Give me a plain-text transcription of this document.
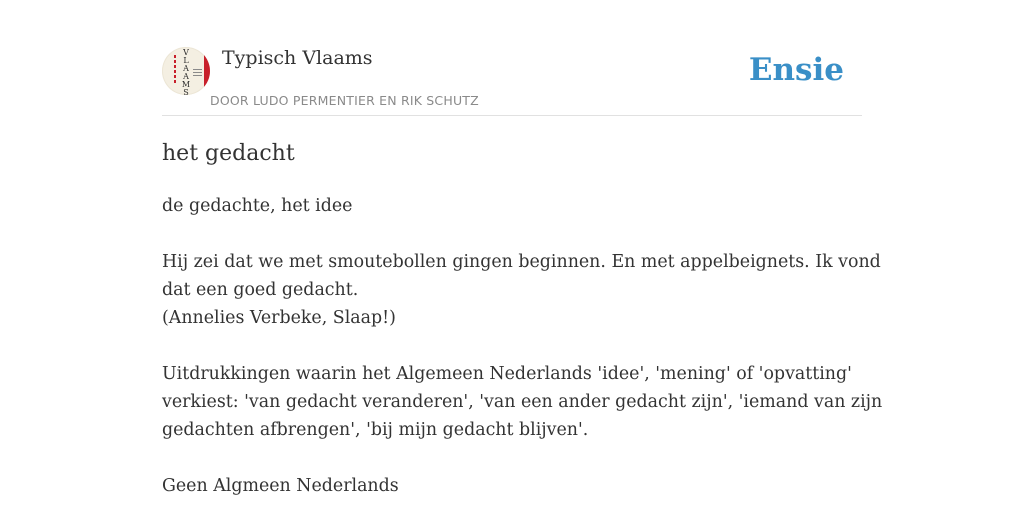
V
L
A
A
M
S
Typisch Vlaams
DOOR LUDO PERMENTIER EN RIK SCHUTZ
Ensie
het gedacht

de gedachte, het idee

Hij zei dat we met smoutebollen gingen beginnen. En met appelbeignets. Ik vond

dat een goed gedacht.

(Annelies Verbeke, Slaap!)

Uitdrukkingen waarin het Algemeen Nederlands 'idee', 'mening' of 'opvatting'

verkiest: 'van gedacht veranderen', 'van een ander gedacht zijn', 'iemand van zijn

gedachten afbrengen', 'bij mijn gedacht blijven'.

Geen Algmeen Nederlands
